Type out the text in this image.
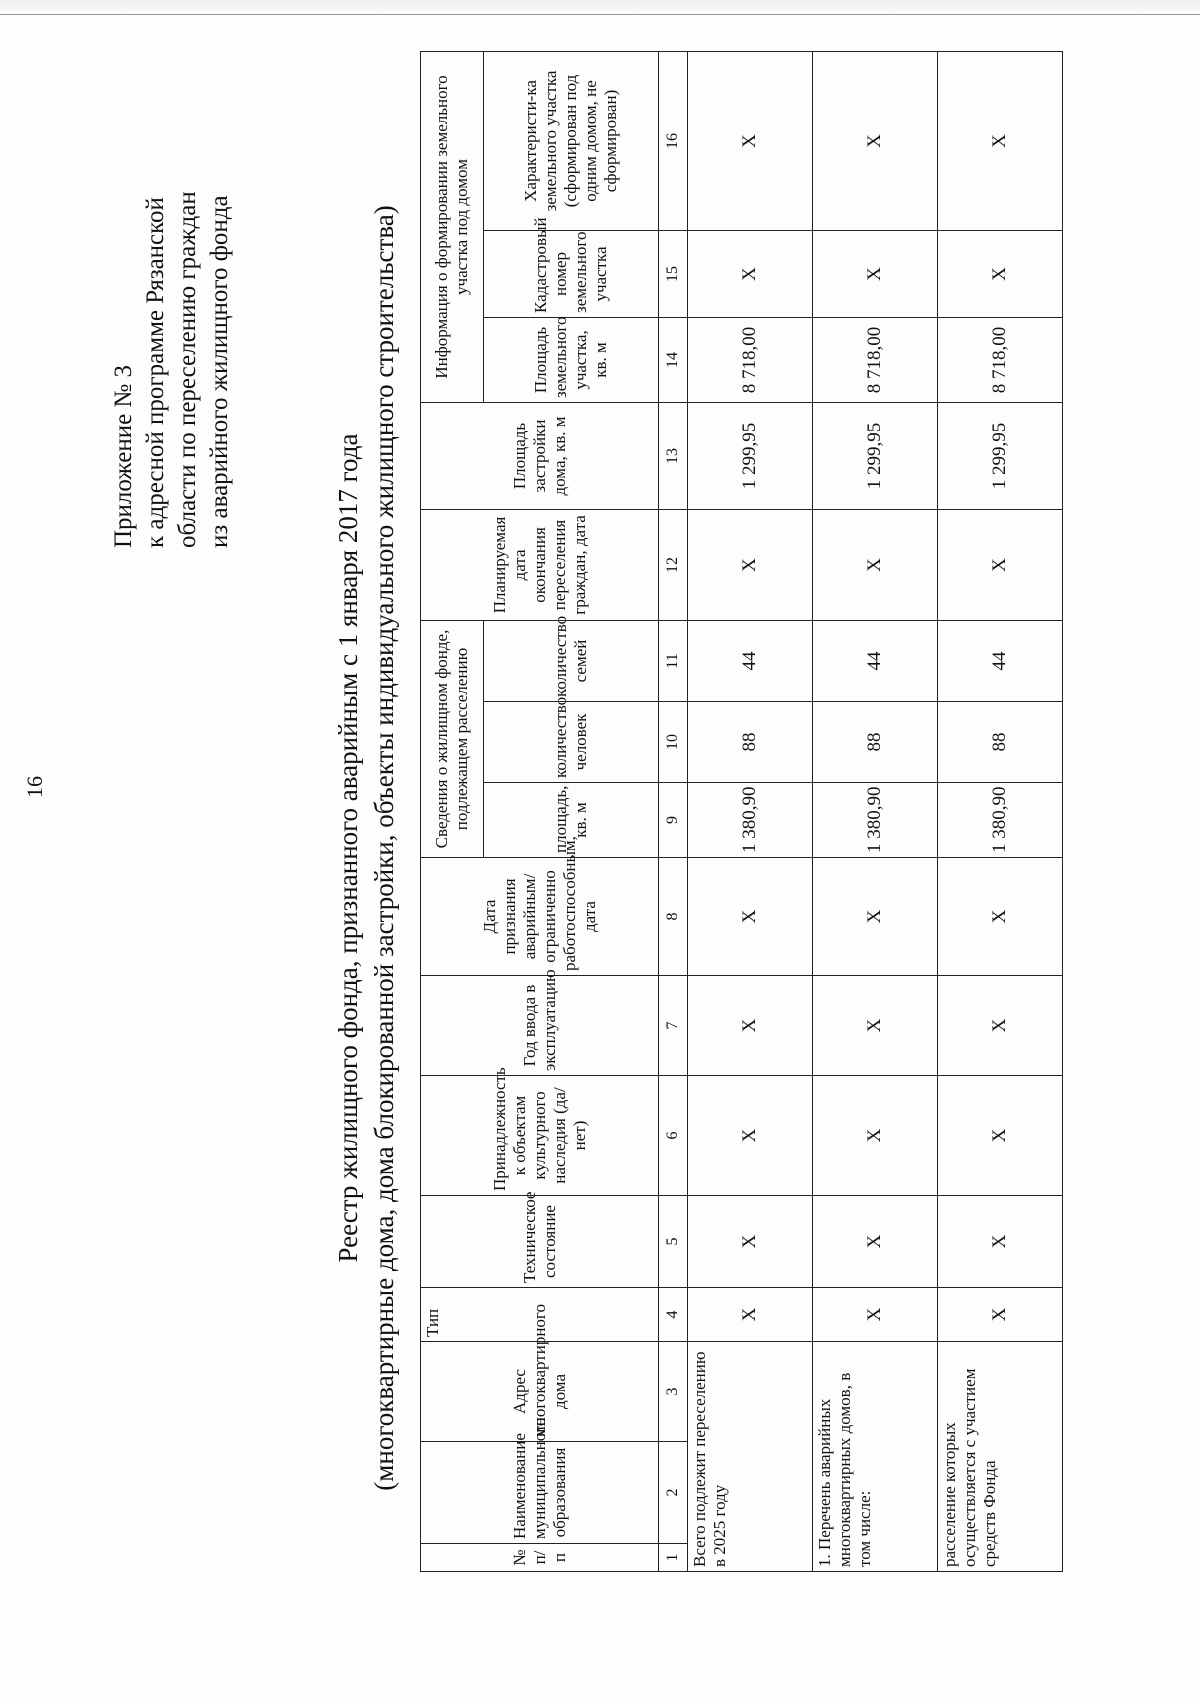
16
Приложение № 3 к адресной программе Рязанской области по переселению граждан из аварийного жилищного фонда
Реестр жилищного фонда, признанного аварийным с 1 января 2017 года (многоквартирные дома, дома блокированной застройки, объекты индивидуального жилищного строительства)
№ п/п	Наименование муниципального образования	Адрес многоквартирного дома	Тип	Техническое состояние	Принадлежность к объектам культурного наследия (да/нет)	Год ввода в эксплуатацию	Дата признания аварийным/ограниченно работоспособным, дата	Сведения о жилищном фонде, подлежащем расселению			Планируемая дата окончания переселения граждан, дата	Площадь застройки дома, кв. м	Информация о формировании земельного участка под домом		
								площадь, кв. м	количество человек	количество семей			Площадь земельного участка, кв. м	Кадастровый номер земельного участка	Характеристи-ка земельного участка (сформирован под одним домом, не сформирован)
1	2	3	4	5	6	7	8	9	10	11	12	13	14	15	16
Всего подлежит переселению в 2025 году			X	X	X	X	X	1 380,90	88	44	X	1 299,95	8 718,00	X	X
1. Перечень аварийных многоквартирных домов, в том числе:			X	X	X	X	X	1 380,90	88	44	X	1 299,95	8 718,00	X	X
расселение которых осуществляется с участием средств Фонда			X	X	X	X	X	1 380,90	88	44	X	1 299,95	8 718,00	X	X
